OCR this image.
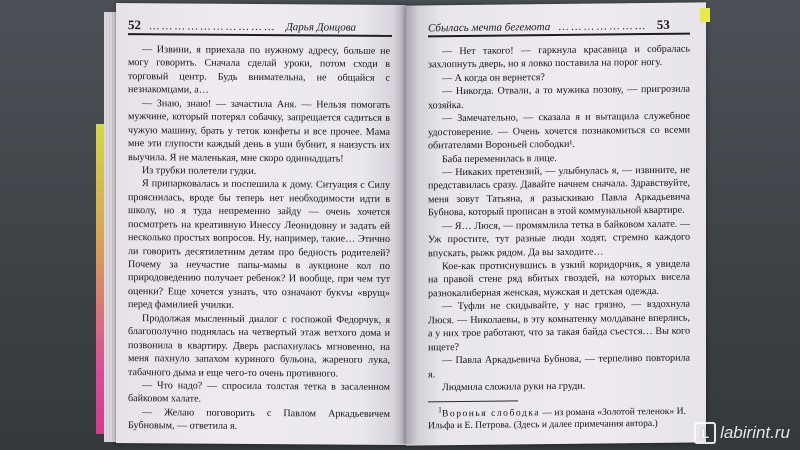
52  …………………………  Дарья Донцова

— Извини, я приехала по нужному адресу, больше не могу говорить. Сначала сделай уроки, потом сходи в торговый центр. Будь внимательна, не общайся с незнакомцами, а…

— Знаю, знаю! — зачастила Аня. — Нельзя помогать мужчине, который потерял собачку, запрещается садиться в чужую машину, брать у теток конфеты и все прочее. Мама мне эти глупости каждый день в уши бубнит, я наизусть их выучила. Я не маленькая, мне скоро одиннадцать!

Из трубки полетели гудки.

Я припарковалась и поспешила к дому. Ситуация с Силу прояснилась, вроде бы теперь нет необходимости идти в школу, но я туда непременно зайду — очень хочется посмотреть на креативную Инессу Леонидовну и задать ей несколько простых вопросов. Ну, например, такие… Этично ли говорить десятилетним детям про бедность родителей? Почему за неучастие папы-мамы в аукционе кол по природоведению получает ребенок? И вообще, при чем тут оценки? Еще хочется узнать, что означают букvы «врущ» перед фамилией училки.

Продолжая мысленный диалог с госпожой Федорчук, я благополучно поднялась на четвертый этаж ветхого дома и позвонила в квартиру. Дверь распахнулась мгновенно, на меня пахнуло запахом куриного бульона, жареного лука, табачного дыма и еще чего-то очень противного.

— Что надо? — спросила толстая тетка в засаленном байковом халате.

— Желаю поговорить с Павлом Аркадьевичем Бубновым, — ответила я.

Сбылась мечта бегемота  …………………  53

— Нет такого! — гаркнула красавица и собралась захлопнуть дверь, но я ловко поставила на порог ногу.

— А когда он вернется?

— Никогда. Отвали, а то мужика позову, — пригрозила хозяйка.

— Замечательно, — сказала я и вытащила служебное удостоверение. — Очень хочется познакомиться со всеми обитателями Вороньей слободки¹.

Баба переменилась в лице.

— Никаких претензий, — улыбнулась я, — извините, не представилась сразу. Давайте начнем сначала. Здравствуйте, меня зовут Татьяна, я разыскиваю Павла Аркадьевича Бубнова, который прописан в этой коммунальной квартире.

— Я… Люся, — промямлила тетка в байковом халате. — Уж простите, тут разные люди ходят, стремно каждого впускать, рыжк рядом. Да вы заходите…

Кое-как протиснувшись в узкий коридорчик, я увидела на правой стене ряд вбитых гвоздей, на которых висела разнокалиберная женская, мужская и детская одежда.

— Туфли не скидывайте, у нас грязно, — вздохнула Люся. — Николаевы, в эту комнатенку молдаване вперлись, а у них трое работают, что за такая байда съестся… Вы кого ищете?

— Павла Аркадьевича Бубнова, — терпеливо повторила я.

Людмила сложила руки на груди.

$^1$Воронья слободка — из романа «Золотой теленок» И. Ильфа и Е. Петрова. (Здесь и далее примечания автора.)

L labirint.ru
